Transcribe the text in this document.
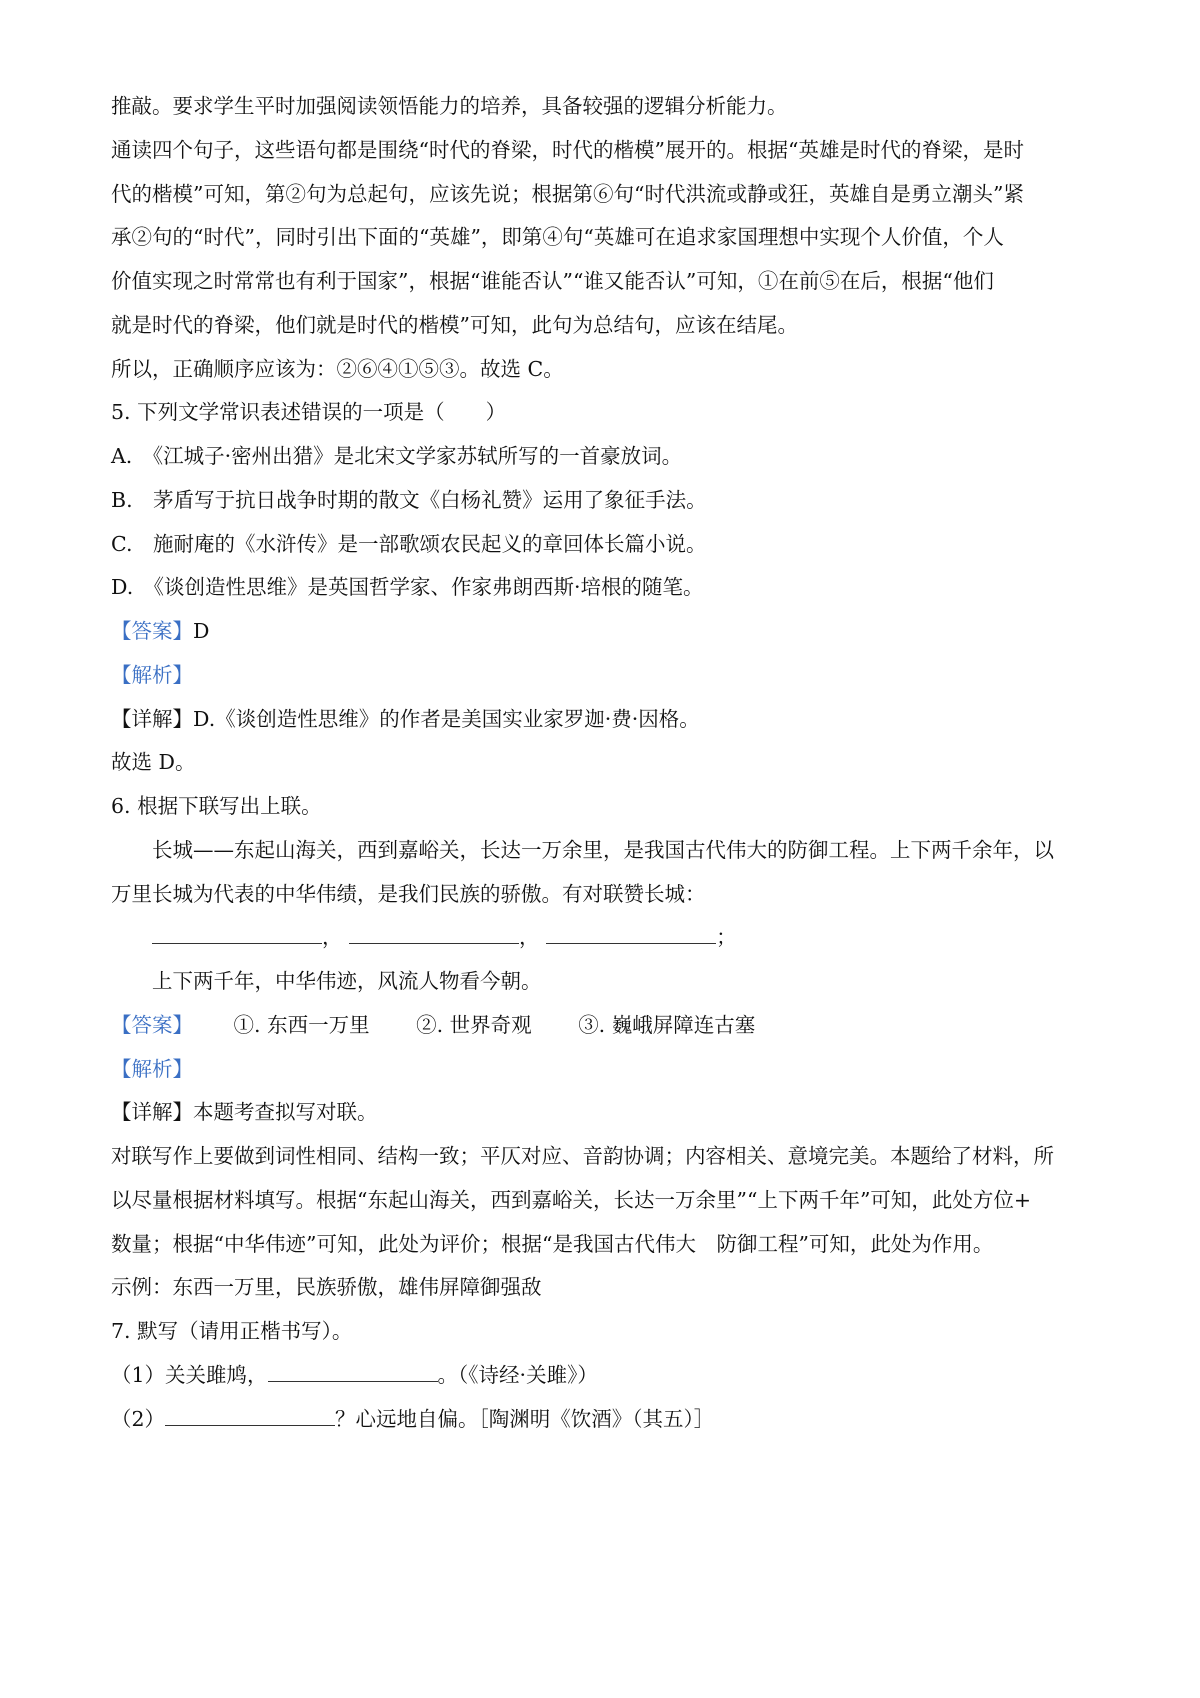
推敲。要求学生平时加强阅读领悟能力的培养，具备较强的逻辑分析能力。
通读四个句子，这些语句都是围绕“时代的脊梁，时代的楷模”展开的。根据“英雄是时代的脊梁，是时
代的楷模”可知，第②句为总起句，应该先说；根据第⑥句“时代洪流或静或狂，英雄自是勇立潮头”紧
承②句的“时代”，同时引出下面的“英雄”，即第④句“英雄可在追求家国理想中实现个人价值，个人
价值实现之时常常也有利于国家”，根据“谁能否认”“谁又能否认”可知，①在前⑤在后，根据“他们
就是时代的脊梁，他们就是时代的楷模”可知，此句为总结句，应该在结尾。
所以，正确顺序应该为：②⑥④①⑤③。故选 C。
5. 下列文学常识表述错误的一项是（　　）
A.　《江城子·密州出猎》是北宋文学家苏轼所写的一首豪放词。
B.　茅盾写于抗日战争时期的散文《白杨礼赞》运用了象征手法。
C.　施耐庵的《水浒传》是一部歌颂农民起义的章回体长篇小说。
D.　《谈创造性思维》是英国哲学家、作家弗朗西斯·培根的随笔。
【答案】D
【解析】
【详解】D.《谈创造性思维》的作者是美国实业家罗迦·费·因格。
故选 D。
6. 根据下联写出上联。
长城——东起山海关，西到嘉峪关，长达一万余里，是我国古代伟大的防御工程。上下两千余年，以
万里长城为代表的中华伟绩，是我们民族的骄傲。有对联赞长城：
，	，	；
上下两千年，中华伟迹，风流人物看今朝。
【答案】 ①. 东西一万里 ②. 世界奇观 ③. 巍峨屏障连古塞
【解析】
【详解】本题考查拟写对联。
对联写作上要做到词性相同、结构一致；平仄对应、音韵协调；内容相关、意境完美。本题给了材料，所
以尽量根据材料填写。根据“东起山海关，西到嘉峪关，长达一万余里”“上下两千年”可知，此处方位+
数量；根据“中华伟迹”可知，此处为评价；根据“是我国古代伟大　防御工程”可知，此处为作用。
示例：东西一万里，民族骄傲，雄伟屏障御强敌
7. 默写（请用正楷书写）。
（1）关关雎鸠，	。（《诗经·关雎》）
（2）	？心远地自偏。［陶渊明《饮酒》（其五）］
